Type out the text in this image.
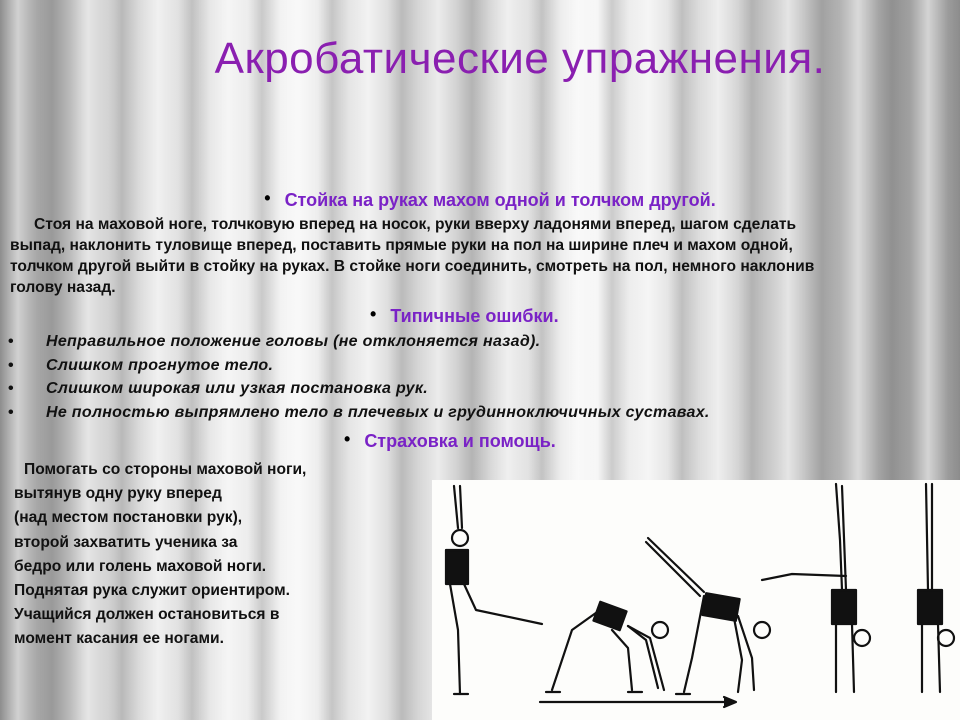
Акробатические упражнения.
• Стойка на руках махом одной и толчком другой.
Стоя на маховой ноге, толчковую вперед на носок, руки вверху ладонями вперед, шагом сделать
выпад, наклонить туловище вперед, поставить прямые руки на пол на ширине плеч и махом одной,
толчком другой выйти в стойку на руках. В стойке ноги соединить, смотреть на пол, немного наклонив
голову назад.
• Типичные ошибки.
• Неправильное положение головы (не отклоняется назад).
• Слишком прогнутое тело.
• Слишком широкая или узкая постановка рук.
• Не полностью выпрямлено тело в плечевых и грудинноключичных суставах.
• Страховка и помощь.
Помогать со стороны маховой ноги,
вытянув одну руку вперед
(над местом постановки рук),
второй захватить ученика за
бедро или голень маховой ноги.
Поднятая рука служит ориентиром.
Учащийся должен остановиться в
момент касания ее ногами.
